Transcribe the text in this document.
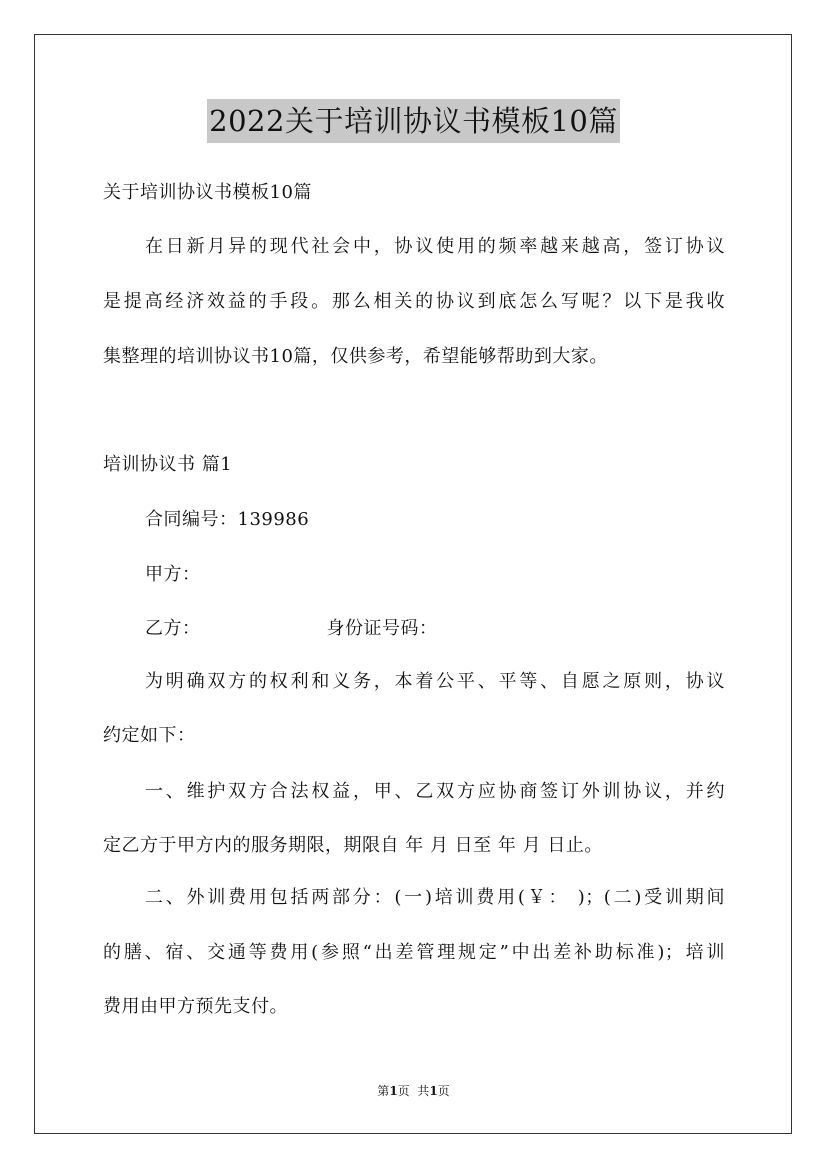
2022关于培训协议书模板10篇
关于培训协议书模板10篇
在日新月异的现代社会中，协议使用的频率越来越高，签订协议
是提高经济效益的手段。那么相关的协议到底怎么写呢？以下是我收
集整理的培训协议书10篇，仅供参考，希望能够帮助到大家。
培训协议书 篇1
合同编号：139986
甲方：
乙方：	身份证号码：
为明确双方的权利和义务，本着公平、平等、自愿之原则，协议
约定如下：
一、维护双方合法权益，甲、乙双方应协商签订外训协议，并约
定乙方于甲方内的服务期限，期限自 年 月 日至 年 月 日止。
二、外训费用包括两部分：(一)培训费用(￥： )；(二)受训期间
的膳、宿、交通等费用(参照“出差管理规定”中出差补助标准)；培训
费用由甲方预先支付。
第1页  共1页
